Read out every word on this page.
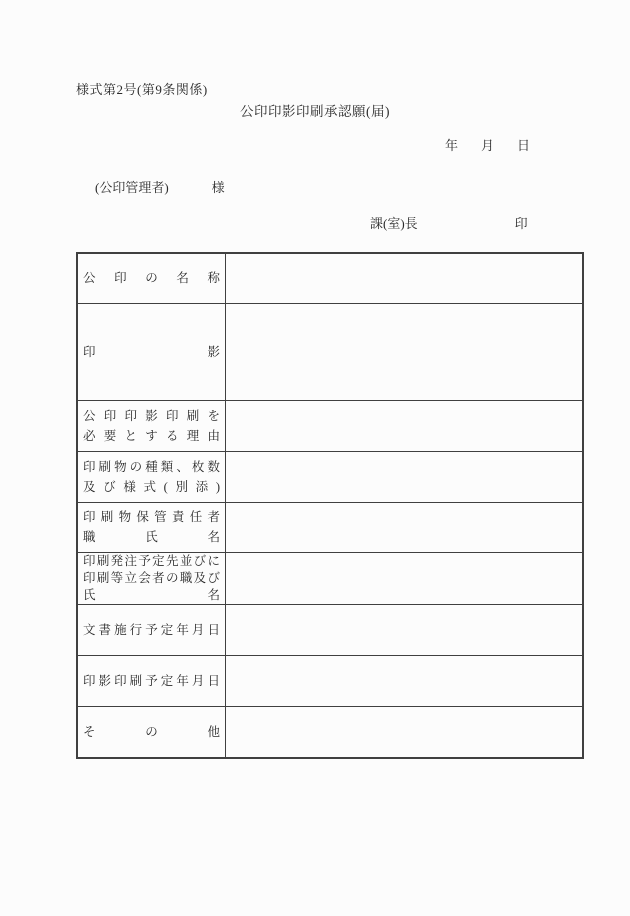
様式第2号(第9条関係)
公印印影印刷承認願(届)
年 月 日
(公印管理者)	様
課(室)長	印
公印の名称	

印影	

公印印影印刷を
必要とする理由	

印刷物の種類、枚数
及び様式(別添)	

印刷物保管責任者
職氏名	

印刷発注予定先並びに
印刷等立会者の職及び
氏名	

文書施行予定年月日	

印影印刷予定年月日	

その他	
